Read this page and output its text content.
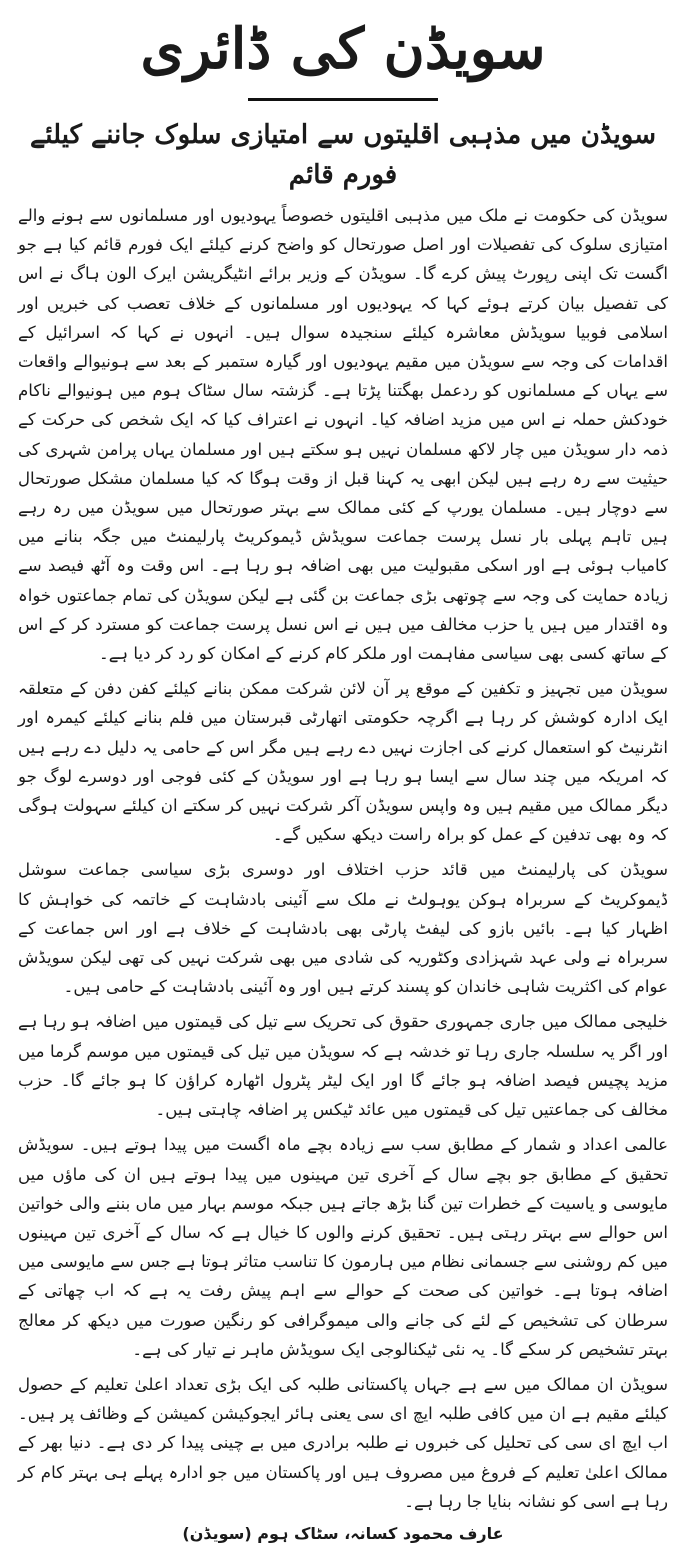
سویڈن کی ڈائری
سویڈن میں مذہبی اقلیتوں سے امتیازی سلوک جاننے کیلئے فورم قائم

سویڈن کی حکومت نے ملک میں مذہبی اقلیتوں خصوصاً یہودیوں اور مسلمانوں سے ہونے والے امتیازی سلوک کی تفصیلات اور اصل صورتحال کو واضح کرنے کیلئے ایک فورم قائم کیا ہے جو اگست تک اپنی رپورٹ پیش کرے گا۔ سویڈن کے وزیر برائے انٹیگریشن ایرک الون ہاگ نے اس کی تفصیل بیان کرتے ہوئے کہا کہ یہودیوں اور مسلمانوں کے خلاف تعصب کی خبریں اور اسلامی فوبیا سویڈش معاشرہ کیلئے سنجیدہ سوال ہیں۔ انہوں نے کہا کہ اسرائیل کے اقدامات کی وجہ سے سویڈن میں مقیم یہودیوں اور گیارہ ستمبر کے بعد سے ہونیوالے واقعات سے یہاں کے مسلمانوں کو ردعمل بھگتنا پڑتا ہے۔ گزشتہ سال سٹاک ہوم میں ہونیوالے ناکام خودکش حملہ نے اس میں مزید اضافہ کیا۔ انہوں نے اعتراف کیا کہ ایک شخص کی حرکت کے ذمہ دار سویڈن میں چار لاکھ مسلمان نہیں ہو سکتے ہیں اور مسلمان یہاں پرامن شہری کی حیثیت سے رہ رہے ہیں لیکن ابھی یہ کہنا قبل از وقت ہوگا کہ کیا مسلمان مشکل صورتحال سے دوچار ہیں۔ مسلمان یورپ کے کئی ممالک سے بہتر صورتحال میں سویڈن میں رہ رہے ہیں تاہم پہلی بار نسل پرست جماعت سویڈش ڈیموکریٹ پارلیمنٹ میں جگہ بنانے میں کامیاب ہوئی ہے اور اسکی مقبولیت میں بھی اضافہ ہو رہا ہے۔ اس وقت وہ آٹھ فیصد سے زیادہ حمایت کی وجہ سے چوتھی بڑی جماعت بن گئی ہے لیکن سویڈن کی تمام جماعتوں خواہ وہ اقتدار میں ہیں یا حزب مخالف میں ہیں نے اس نسل پرست جماعت کو مسترد کر کے اس کے ساتھ کسی بھی سیاسی مفاہمت اور ملکر کام کرنے کے امکان کو رد کر دیا ہے۔

سویڈن میں تجہیز و تکفین کے موقع پر آن لائن شرکت ممکن بنانے کیلئے کفن دفن کے متعلقہ ایک ادارہ کوشش کر رہا ہے اگرچہ حکومتی اتھارٹی قبرستان میں فلم بنانے کیلئے کیمرہ اور انٹرنیٹ کو استعمال کرنے کی اجازت نہیں دے رہے ہیں مگر اس کے حامی یہ دلیل دے رہے ہیں کہ امریکہ میں چند سال سے ایسا ہو رہا ہے اور سویڈن کے کئی فوجی اور دوسرے لوگ جو دیگر ممالک میں مقیم ہیں وہ واپس سویڈن آکر شرکت نہیں کر سکتے ان کیلئے سہولت ہوگی کہ وہ بھی تدفین کے عمل کو براہ راست دیکھ سکیں گے۔

سویڈن کی پارلیمنٹ میں قائد حزب اختلاف اور دوسری بڑی سیاسی جماعت سوشل ڈیموکریٹ کے سربراہ ہوکن یوہولٹ نے ملک سے آئینی بادشاہت کے خاتمہ کی خواہش کا اظہار کیا ہے۔ بائیں بازو کی لیفٹ پارٹی بھی بادشاہت کے خلاف ہے اور اس جماعت کے سربراہ نے ولی عہد شہزادی وکٹوریہ کی شادی میں بھی شرکت نہیں کی تھی لیکن سویڈش عوام کی اکثریت شاہی خاندان کو پسند کرتے ہیں اور وہ آئینی بادشاہت کے حامی ہیں۔

خلیجی ممالک میں جاری جمہوری حقوق کی تحریک سے تیل کی قیمتوں میں اضافہ ہو رہا ہے اور اگر یہ سلسلہ جاری رہا تو خدشہ ہے کہ سویڈن میں تیل کی قیمتوں میں موسم گرما میں مزید پچیس فیصد اضافہ ہو جائے گا اور ایک لیٹر پٹرول اٹھارہ کراؤن کا ہو جائے گا۔ حزب مخالف کی جماعتیں تیل کی قیمتوں میں عائد ٹیکس پر اضافہ چاہتی ہیں۔

عالمی اعداد و شمار کے مطابق سب سے زیادہ بچے ماہ اگست میں پیدا ہوتے ہیں۔ سویڈش تحقیق کے مطابق جو بچے سال کے آخری تین مہینوں میں پیدا ہوتے ہیں ان کی ماؤں میں مایوسی و یاسیت کے خطرات تین گنا بڑھ جاتے ہیں جبکہ موسم بہار میں ماں بننے والی خواتین اس حوالے سے بہتر رہتی ہیں۔ تحقیق کرنے والوں کا خیال ہے کہ سال کے آخری تین مہینوں میں کم روشنی سے جسمانی نظام میں ہارمون کا تناسب متاثر ہوتا ہے جس سے مایوسی میں اضافہ ہوتا ہے۔ خواتین کی صحت کے حوالے سے اہم پیش رفت یہ ہے کہ اب چھاتی کے سرطان کی تشخیص کے لئے کی جانے والی میموگرافی کو رنگین صورت میں دیکھ کر معالج بہتر تشخیص کر سکے گا۔ یہ نئی ٹیکنالوجی ایک سویڈش ماہر نے تیار کی ہے۔

سویڈن ان ممالک میں سے ہے جہاں پاکستانی طلبہ کی ایک بڑی تعداد اعلیٰ تعلیم کے حصول کیلئے مقیم ہے ان میں کافی طلبہ ایچ ای سی یعنی ہائر ایجوکیشن کمیشن کے وظائف پر ہیں۔ اب ایچ ای سی کی تحلیل کی خبروں نے طلبہ برادری میں بے چینی پیدا کر دی ہے۔ دنیا بھر کے ممالک اعلیٰ تعلیم کے فروغ میں مصروف ہیں اور پاکستان میں جو ادارہ پہلے ہی بہتر کام کر رہا ہے اسی کو نشانہ بنایا جا رہا ہے۔

عارف محمود کسانہ، سٹاک ہوم (سویڈن)
